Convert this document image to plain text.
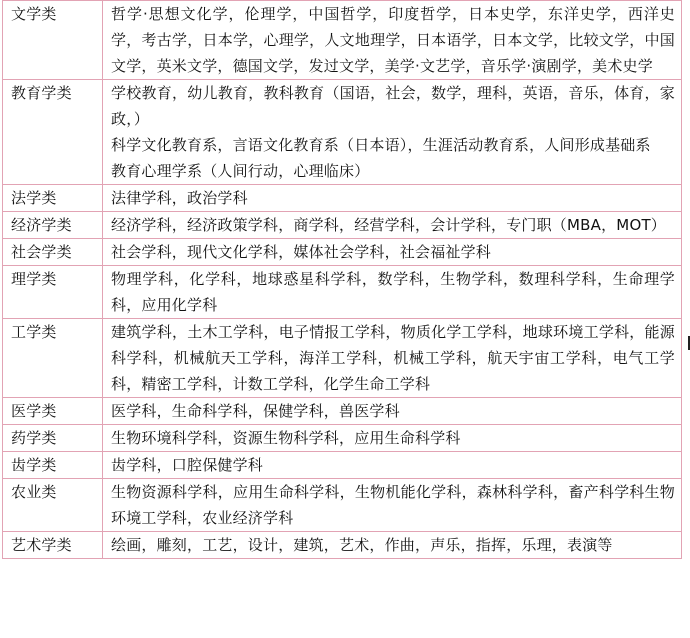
文学类	哲学·思想文化学，伦理学，中国哲学，印度哲学，日本史学，东洋史学，西洋史学，考古学，日本学，心理学，人文地理学，日本语学，日本文学，比较文学，中国文学，英米文学，德国文学，发过文学，美学·文艺学，音乐学·演剧学，美术史学

教育学类	学校教育，幼儿教育，教科教育（国语，社会，数学，理科，英语，音乐，体育，家政，）
科学文化教育系，言语文化教育系（日本语），生涯活动教育系，人间形成基础系
教育心理学系（人间行动，心理临床）

法学类	法律学科，政治学科

经济学类	经济学科，经济政策学科，商学科，经营学科，会计学科，专门职（MBA，MOT）

社会学类	社会学科，现代文化学科，媒体社会学科，社会福祉学科

理学类	物理学科，化学科，地球惑星科学科，数学科，生物学科，数理科学科，生命理学科，应用化学科

工学类	建筑学科，土木工学科，电子情报工学科，物质化学工学科，地球环境工学科，能源科学科，机械航天工学科，海洋工学科，机械工学科，航天宇宙工学科，电气工学科，精密工学科，计数工学科，化学生命工学科

医学类	医学科，生命科学科，保健学科，兽医学科

药学类	生物环境科学科，资源生物科学科，应用生命科学科

齿学类	齿学科，口腔保健学科

农业类	生物资源科学科，应用生命科学科，生物机能化学科，森林科学科，畜产科学科生物环境工学科，农业经济学科

艺术学类	绘画，雕刻，工艺，设计，建筑，艺术，作曲，声乐，指挥，乐理，表演等
